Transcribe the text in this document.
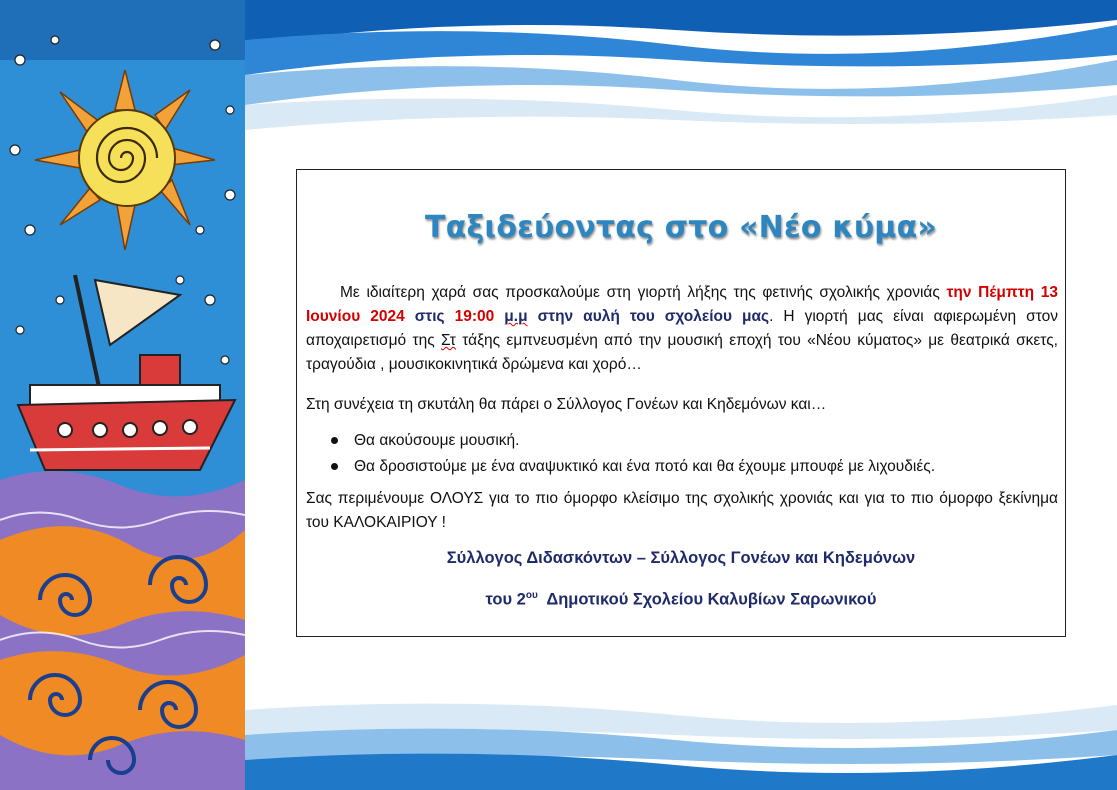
Ταξιδεύοντας στο «Νέο κύμα»
Με ιδιαίτερη χαρά σας προσκαλούμε στη γιορτή λήξης της φετινής σχολικής χρονιάς την Πέμπτη 13 Ιουνίου 2024 στις 19:00 μ.μ στην αυλή του σχολείου μας. Η γιορτή μας είναι αφιερωμένη στον αποχαιρετισμό της Στ τάξης εμπνευσμένη από την μουσική εποχή του «Νέου κύματος» με θεατρικά σκετς, τραγούδια , μουσικοκινητικά δρώμενα και χορό…
Στη συνέχεια τη σκυτάλη θα πάρει ο Σύλλογος Γονέων και Κηδεμόνων και…
Θα ακούσουμε μουσική.
Θα δροσιστούμε με ένα αναψυκτικό και ένα ποτό και θα έχουμε μπουφέ με λιχουδιές.
Σας περιμένουμε ΟΛΟΥΣ για το πιο όμορφο κλείσιμο της σχολικής χρονιάς και για το πιο όμορφο ξεκίνημα του ΚΑΛΟΚΑΙΡΙΟΥ !
Σύλλογος Διδασκόντων – Σύλλογος Γονέων και Κηδεμόνων
του $2^{o\upsilon}$  Δημοτικού Σχολείου Καλυβίων Σαρωνικού
